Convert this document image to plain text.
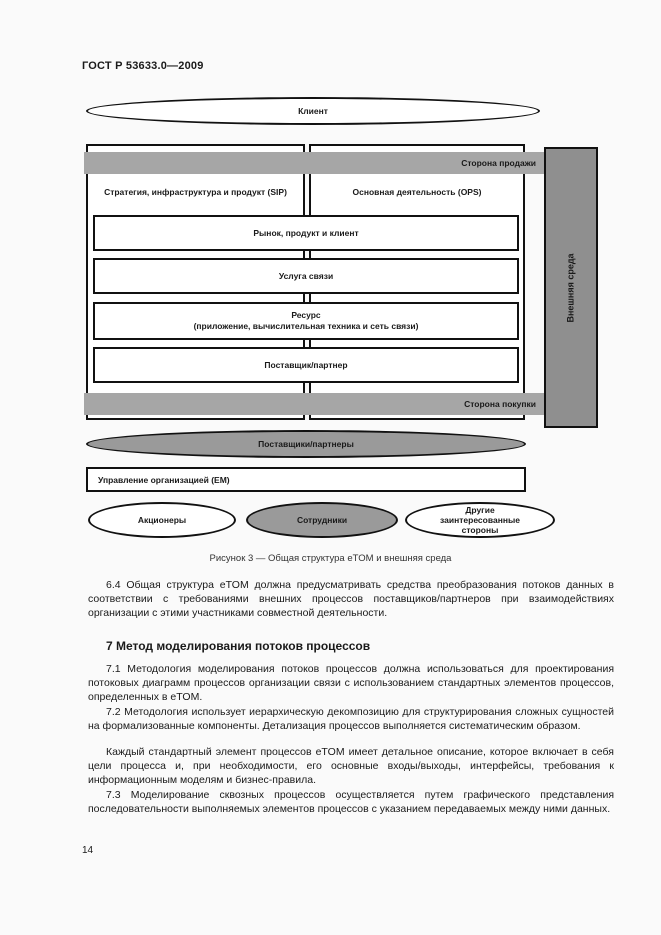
ГОСТ Р 53633.0—2009
Клиент
Сторона продажи
Стратегия, инфраструктура и продукт (SIP)	Основная деятельность (OPS)
Рынок, продукт и клиент
Услуга связи
Ресурс
(приложение, вычислительная техника и сеть связи)
Поставщик/партнер
Сторона покупки
Внешняя среда
Поставщики/партнеры
Управление организацией (EM)
Акционеры	Сотрудники
Другие заинтересованные стороны
Рисунок 3 — Общая структура eTOM и внешняя среда
6.4 Общая структура eTOM должна предусматривать средства преобразования потоков данных в соответствии с требованиями внешних процессов поставщиков/партнеров при взаимодействиях организации с этими участниками совместной деятельности.
7 Метод моделирования потоков процессов
7.1 Методология моделирования потоков процессов должна использоваться для проектирования потоковых диаграмм процессов организации связи с использованием стандартных элементов процессов, определенных в eTOM.
7.2 Методология использует иерархическую декомпозицию для структурирования сложных сущностей на формализованные компоненты. Детализация процессов выполняется систематическим образом.
Каждый стандартный элемент процессов eTOM имеет детальное описание, которое включает в себя цели процесса и, при необходимости, его основные входы/выходы, интерфейсы, требования к информационным моделям и бизнес-правила.
7.3 Моделирование сквозных процессов осуществляется путем графического представления последовательности выполняемых элементов процессов с указанием передаваемых между ними данных.
14
